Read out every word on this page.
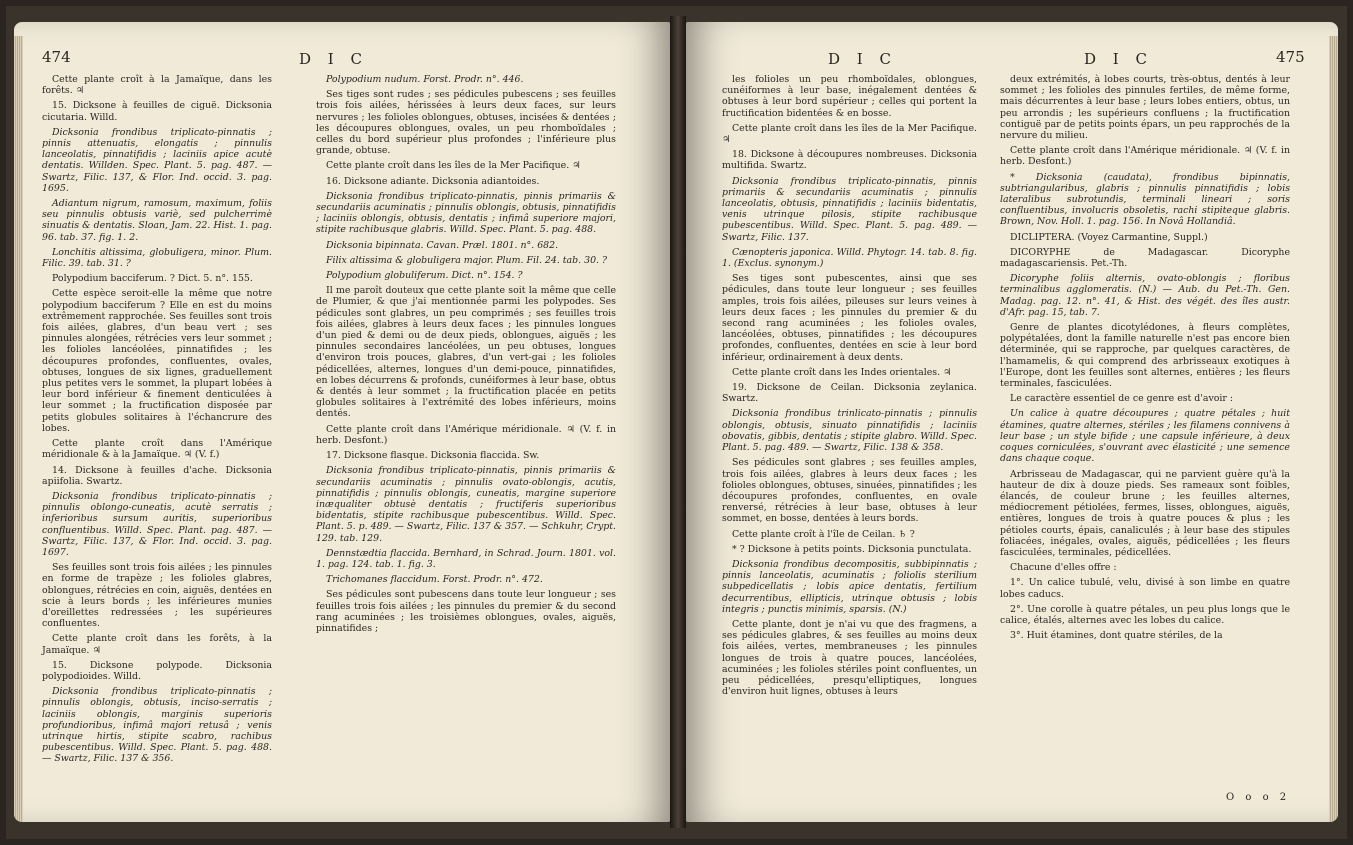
474	D I C

Cette plante croît à la Jamaïque, dans les forêts. ♃

15. Dicksone à feuilles de ciguë. Dicksonia cicutaria. Willd.

Dicksonia frondibus triplicato-pinnatis ; pinnis attenuatis, elongatis ; pinnulis lanceolatis, pinnatifidis ; laciniis apice acutè dentatis. Willden. Spec. Plant. 5. pag. 487. — Swartz, Filic. 137, & Flor. Ind. occid. 3. pag. 1695.

Adiantum nigrum, ramosum, maximum, foliis seu pinnulis obtusis variè, sed pulcherrimè sinuatis & dentatis. Sloan, Jam. 22. Hist. 1. pag. 96. tab. 37. fig. 1. 2.

Lonchitis altissima, globuligera, minor. Plum. Filic. 39. tab. 31. ?

Polypodium bacciferum. ? Dict. 5. n°. 155.

Cette espèce seroit-elle la même que notre polypodium bacciferum ? Elle en est du moins extrêmement rapprochée. Ses feuilles sont trois fois ailées, glabres, d'un beau vert ; ses pinnules alongées, rétrécies vers leur sommet ; les folioles lancéolées, pinnatifides ; les découpures profondes, confluentes, ovales, obtuses, longues de six lignes, graduellement plus petites vers le sommet, la plupart lobées à leur bord inférieur & finement denticulées à leur sommet ; la fructification disposée par petits globules solitaires à l'échancrure des lobes.

Cette plante croît dans l'Amérique méridionale & à la Jamaïque. ♃ (V. f.)

14. Dicksone à feuilles d'ache. Dicksonia apiifolia. Swartz.

Dicksonia frondibus triplicato-pinnatis ; pinnulis oblongo-cuneatis, acutè serratis ; inferioribus sursum auritis, superioribus confluentibus. Willd. Spec. Plant. pag. 487. — Swartz, Filic. 137, & Flor. Ind. occid. 3. pag. 1697.

Ses feuilles sont trois fois ailées ; les pinnules en forme de trapèze ; les folioles glabres, oblongues, rétrécies en coin, aiguës, dentées en scie à leurs bords ; les inférieures munies d'oreillettes redressées ; les supérieures confluentes.

Cette plante croît dans les forêts, à la Jamaïque. ♃

15. Dicksone polypode. Dicksonia polypodioides. Willd.

Dicksonia frondibus triplicato-pinnatis ; pinnulis oblongis, obtusis, inciso-serratis ; laciniis oblongis, marginis superioris profundioribus, infimâ majori retusâ ; venis utrinque hirtis, stipite scabro, rachibus pubescentibus. Willd. Spec. Plant. 5. pag. 488. — Swartz, Filic. 137 & 356.

Polypodium nudum. Forst. Prodr. n°. 446.

Ses tiges sont rudes ; ses pédicules pubescens ; ses feuilles trois fois ailées, hérissées à leurs deux faces, sur leurs nervures ; les folioles oblongues, obtuses, incisées & dentées ; les découpures oblongues, ovales, un peu rhomboïdales ; celles du bord supérieur plus profondes ; l'inférieure plus grande, obtuse.

Cette plante croît dans les îles de la Mer Pacifique. ♃

16. Dicksone adiante. Dicksonia adiantoides.

Dicksonia frondibus triplicato-pinnatis, pinnis primariis & secundariis acuminatis ; pinnulis oblongis, obtusis, pinnatifidis ; laciniis oblongis, obtusis, dentatis ; infimâ superiore majori, stipite rachibusque glabris. Willd. Spec. Plant. 5. pag. 488.

Dicksonia bipinnata. Cavan. Præl. 1801. n°. 682.

Filix altissima & globuligera major. Plum. Fil. 24. tab. 30. ?

Polypodium globuliferum. Dict. n°. 154. ?

Il me paroît douteux que cette plante soit la même que celle de Plumier, & que j'ai mentionnée parmi les polypodes. Ses pédicules sont glabres, un peu comprimés ; ses feuilles trois fois ailées, glabres à leurs deux faces ; les pinnules longues d'un pied & demi ou de deux pieds, oblongues, aiguës ; les pinnules secondaires lancéolées, un peu obtuses, longues d'environ trois pouces, glabres, d'un vert-gai ; les folioles pédicellées, alternes, longues d'un demi-pouce, pinnatifides, en lobes décurrens & profonds, cunéiformes à leur base, obtus & dentés à leur sommet ; la fructification placée en petits globules solitaires à l'extrémité des lobes inférieurs, moins dentés.

Cette plante croît dans l'Amérique méridionale. ♃ (V. f. in herb. Desfont.)

17. Dicksone flasque. Dicksonia flaccida. Sw.

Dicksonia frondibus triplicato-pinnatis, pinnis primariis & secundariis acuminatis ; pinnulis ovato-oblongis, acutis, pinnatifidis ; pinnulis oblongis, cuneatis, margine superiore inæqualiter obtusè dentatis ; fructiferis superioribus bidentatis, stipite rachibusque pubescentibus. Willd. Spec. Plant. 5. p. 489. — Swartz, Filic. 137 & 357. — Schkuhr, Crypt. 129. tab. 129.

Dennstædtia flaccida. Bernhard, in Schrad. Journ. 1801. vol. 1. pag. 124. tab. 1. fig. 3.

Trichomanes flaccidum. Forst. Prodr. n°. 472.

Ses pédicules sont pubescens dans toute leur longueur ; ses feuilles trois fois ailées ; les pinnules du premier & du second rang acuminées ; les troisièmes oblongues, ovales, aiguës, pinnatifides ;

D I C	D I C	475

les folioles un peu rhomboïdales, oblongues, cunéiformes à leur base, inégalement dentées & obtuses à leur bord supérieur ; celles qui portent la fructification bidentées & en bosse.

Cette plante croît dans les îles de la Mer Pacifique. ♃

18. Dicksone à découpures nombreuses. Dicksonia multifida. Swartz.

Dicksonia frondibus triplicato-pinnatis, pinnis primariis & secundariis acuminatis ; pinnulis lanceolatis, obtusis, pinnatifidis ; laciniis bidentatis, venis utrinque pilosis, stipite rachibusque pubescentibus. Willd. Spec. Plant. 5. pag. 489. — Swartz, Filic. 137.

Cænopteris japonica. Willd. Phytogr. 14. tab. 8. fig. 1. (Exclus. synonym.)

Ses tiges sont pubescentes, ainsi que ses pédicules, dans toute leur longueur ; ses feuilles amples, trois fois ailées, pileuses sur leurs veines à leurs deux faces ; les pinnules du premier & du second rang acuminées ; les folioles ovales, lancéolées, obtuses, pinnatifides ; les découpures profondes, confluentes, dentées en scie à leur bord inférieur, ordinairement à deux dents.

Cette plante croît dans les Indes orientales. ♃

19. Dicksone de Ceilan. Dicksonia zeylanica. Swartz.

Dicksonia frondibus trinlicato-pinnatis ; pinnulis oblongis, obtusis, sinuato pinnatifidis ; laciniis obovatis, gibbis, dentatis ; stipite glabro. Willd. Spec. Plant. 5. pag. 489. — Swartz, Filic. 138 & 358.

Ses pédicules sont glabres ; ses feuilles amples, trois fois ailées, glabres à leurs deux faces ; les folioles oblongues, obtuses, sinuées, pinnatifides ; les découpures profondes, confluentes, en ovale renversé, rétrécies à leur base, obtuses à leur sommet, en bosse, dentées à leurs bords.

Cette plante croît à l'île de Ceilan. ♄ ?

* ? Dicksone à petits points. Dicksonia punctulata.

Dicksonia frondibus decompositis, subbipinnatis ; pinnis lanceolatis, acuminatis ; foliolis sterilium subpedicellatis ; lobis apice dentatis, fertilium decurrentibus, ellipticis, utrinque obtusis ; lobis integris ; punctis minimis, sparsis. (N.)

Cette plante, dont je n'ai vu que des fragmens, a ses pédicules glabres, & ses feuilles au moins deux fois ailées, vertes, membraneuses ; les pinnules longues de trois à quatre pouces, lancéolées, acuminées ; les folioles stériles point confluentes, un peu pédicellées, presqu'elliptiques, longues d'environ huit lignes, obtuses à leurs

deux extrémités, à lobes courts, très-obtus, dentés à leur sommet ; les folioles des pinnules fertiles, de même forme, mais décurrentes à leur base ; leurs lobes entiers, obtus, un peu arrondis ; les supérieurs confluens ; la fructification contiguë par de petits points épars, un peu rapprochés de la nervure du milieu.

Cette plante croît dans l'Amérique méridionale. ♃ (V. f. in herb. Desfont.)

* Dicksonia (caudata), frondibus bipinnatis, subtriangularibus, glabris ; pinnulis pinnatifidis ; lobis lateralibus subrotundis, terminali lineari ; soris confluentibus, involucris obsoletis, rachi stipiteque glabris. Brown, Nov. Holl. 1. pag. 156. In Novâ Hollandiâ.

DICLIPTERA. (Voyez Carmantine, Suppl.)

DICORYPHE de Madagascar. Dicoryphe madagascariensis. Pet.-Th.

Dicoryphe foliis alternis, ovato-oblongis ; floribus terminalibus agglomeratis. (N.) — Aub. du Pet.-Th. Gen. Madag. pag. 12. n°. 41, & Hist. des végét. des îles austr. d'Afr. pag. 15, tab. 7.

Genre de plantes dicotylédones, à fleurs complètes, polypétalées, dont la famille naturelle n'est pas encore bien déterminée, qui se rapproche, par quelques caractères, de l'hamamelis, & qui comprend des arbrisseaux exotiques à l'Europe, dont les feuilles sont alternes, entières ; les fleurs terminales, fasciculées.

Le caractère essentiel de ce genre est d'avoir :

Un calice à quatre découpures ; quatre pétales ; huit étamines, quatre alternes, stériles ; les filamens connivens à leur base ; un style bifide ; une capsule inférieure, à deux coques corniculées, s'ouvrant avec élasticité ; une semence dans chaque coque.

Arbrisseau de Madagascar, qui ne parvient guère qu'à la hauteur de dix à douze pieds. Ses rameaux sont foibles, élancés, de couleur brune ; les feuilles alternes, médiocrement pétiolées, fermes, lisses, oblongues, aiguës, entières, longues de trois à quatre pouces & plus ; les pétioles courts, épais, canaliculés ; à leur base des stipules foliacées, inégales, ovales, aiguës, pédicellées ; les fleurs fasciculées, terminales, pédicellées.

Chacune d'elles offre :

1°. Un calice tubulé, velu, divisé à son limbe en quatre lobes caducs.

2°. Une corolle à quatre pétales, un peu plus longs que le calice, étalés, alternes avec les lobes du calice.

3°. Huit étamines, dont quatre stériles, de la

O o o 2
